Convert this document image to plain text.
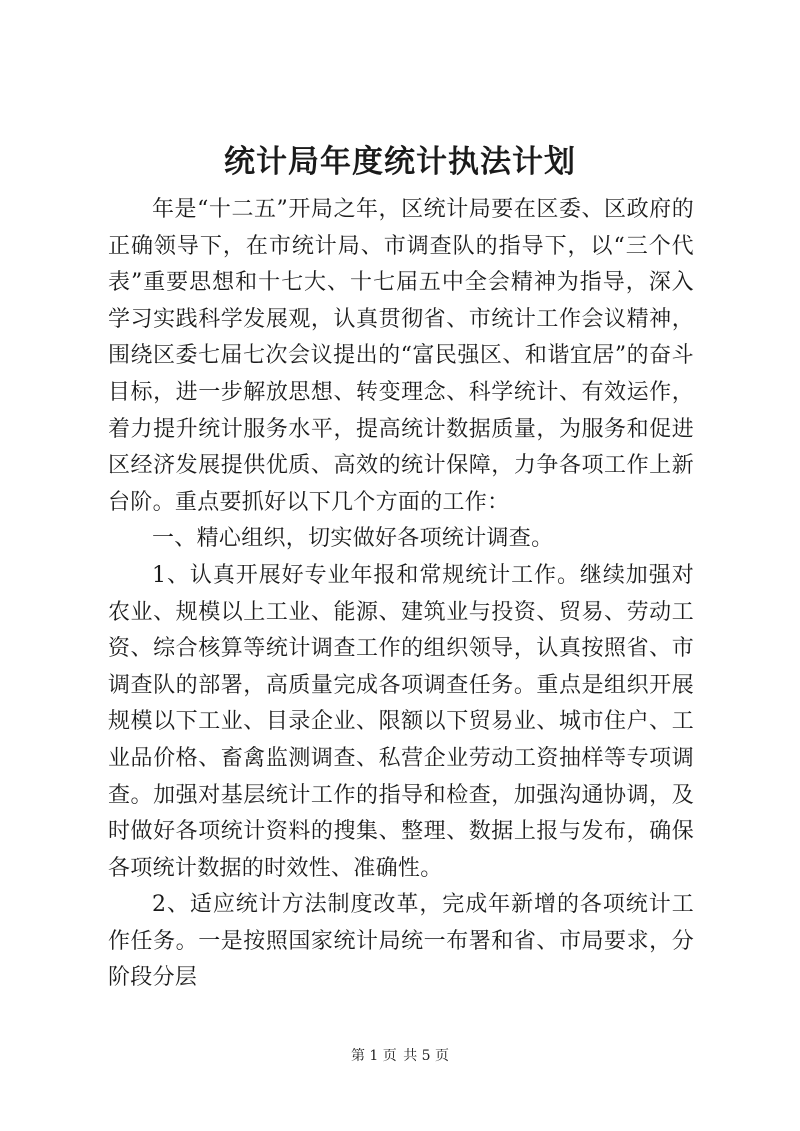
统计局年度统计执法计划

年是“十二五”开局之年，区统计局要在区委、区政府的正确领导下，在市统计局、市调查队的指导下，以“三个代表”重要思想和十七大、十七届五中全会精神为指导，深入学习实践科学发展观，认真贯彻省、市统计工作会议精神，围绕区委七届七次会议提出的“富民强区、和谐宜居”的奋斗目标，进一步解放思想、转变理念、科学统计、有效运作，着力提升统计服务水平，提高统计数据质量，为服务和促进区经济发展提供优质、高效的统计保障，力争各项工作上新台阶。重点要抓好以下几个方面的工作：

一、精心组织，切实做好各项统计调查。

1、认真开展好专业年报和常规统计工作。继续加强对农业、规模以上工业、能源、建筑业与投资、贸易、劳动工资、综合核算等统计调查工作的组织领导，认真按照省、市调查队的部署，高质量完成各项调查任务。重点是组织开展规模以下工业、目录企业、限额以下贸易业、城市住户、工业品价格、畜禽监测调查、私营企业劳动工资抽样等专项调查。加强对基层统计工作的指导和检查，加强沟通协调，及时做好各项统计资料的搜集、整理、数据上报与发布，确保各项统计数据的时效性、准确性。

2、适应统计方法制度改革，完成年新增的各项统计工作任务。一是按照国家统计局统一布署和省、市局要求，分阶段分层

第 1 页 共 5 页
